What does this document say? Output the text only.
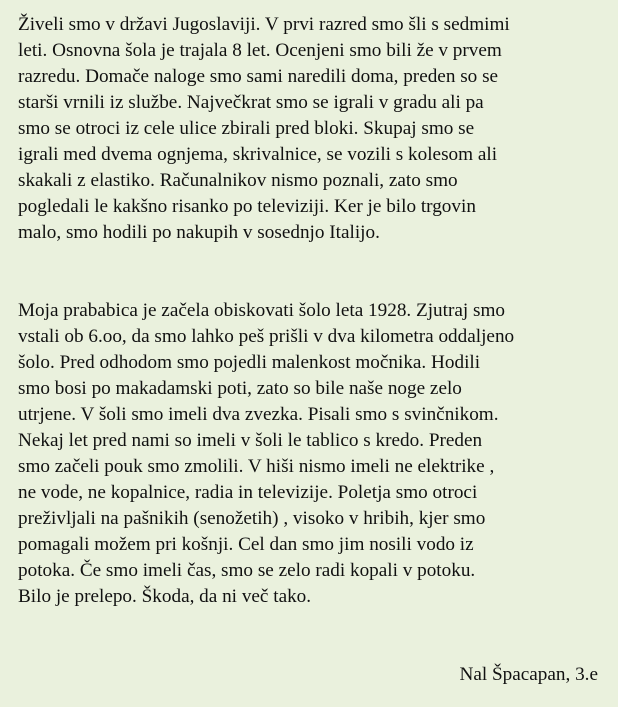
Živeli smo v državi Jugoslaviji. V prvi razred smo šli s sedmimi
leti. Osnovna šola je trajala 8 let. Ocenjeni smo bili že v prvem
razredu. Domače naloge smo sami naredili doma, preden so se
starši vrnili iz službe. Največkrat smo se igrali v gradu ali pa
smo se otroci iz cele ulice zbirali pred bloki. Skupaj smo se
igrali med dvema ognjema, skrivalnice, se vozili s kolesom ali
skakali z elastiko. Računalnikov nismo poznali, zato smo
pogledali le kakšno risanko po televiziji. Ker je bilo trgovin
malo, smo hodili po nakupih v sosednjo Italijo.

Moja prababica je začela obiskovati šolo leta 1928. Zjutraj smo
vstali ob 6.oo, da smo lahko peš prišli v dva kilometra oddaljeno
šolo. Pred odhodom smo pojedli malenkost močnika. Hodili
smo bosi po makadamski poti, zato so bile naše noge zelo
utrjene. V šoli smo imeli dva zvezka. Pisali smo s svinčnikom.
Nekaj let pred nami so imeli v šoli le tablico s kredo. Preden
smo začeli pouk smo zmolili. V hiši nismo imeli ne elektrike ,
ne vode, ne kopalnice, radia in televizije. Poletja smo otroci
preživljali na pašnikih (senožetih) , visoko v hribih, kjer smo
pomagali možem pri košnji. Cel dan smo jim nosili vodo iz
potoka. Če smo imeli čas, smo se zelo radi kopali v potoku.
Bilo je prelepo. Škoda, da ni več tako.

Nal Špacapan, 3.e
